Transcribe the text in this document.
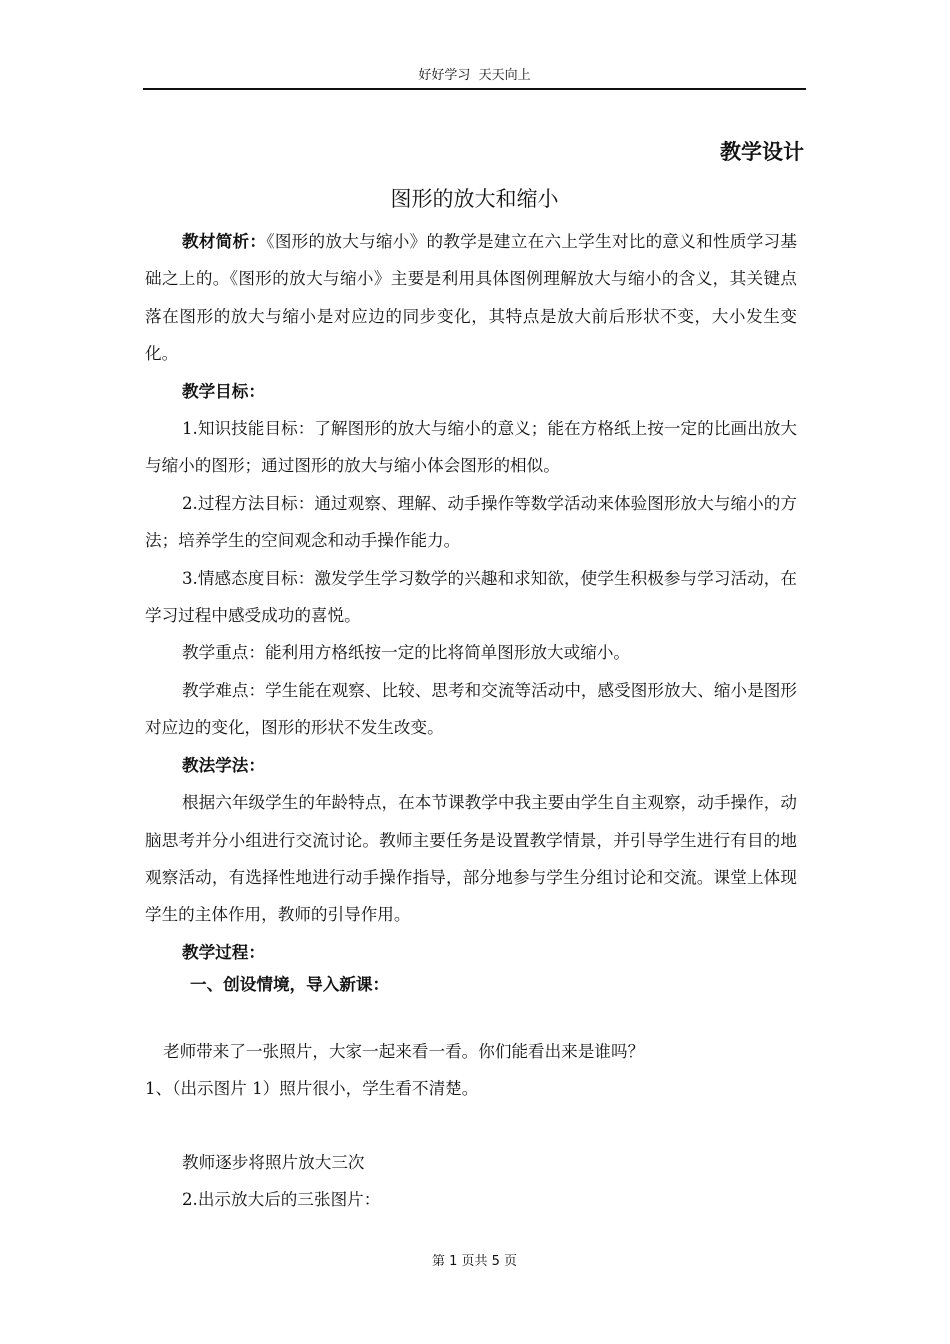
好好学习  天天向上
教学设计
图形的放大和缩小

教材简析：《图形的放大与缩小》的教学是建立在六上学生对比的意义和性质学习基础之上的。《图形的放大与缩小》主要是利用具体图例理解放大与缩小的含义，其关键点落在图形的放大与缩小是对应边的同步变化，其特点是放大前后形状不变，大小发生变化。

教学目标：

1.知识技能目标：了解图形的放大与缩小的意义；能在方格纸上按一定的比画出放大与缩小的图形；通过图形的放大与缩小体会图形的相似。

2.过程方法目标：通过观察、理解、动手操作等数学活动来体验图形放大与缩小的方法；培养学生的空间观念和动手操作能力。

3.情感态度目标：激发学生学习数学的兴趣和求知欲，使学生积极参与学习活动，在学习过程中感受成功的喜悦。

教学重点：能利用方格纸按一定的比将简单图形放大或缩小。

教学难点：学生能在观察、比较、思考和交流等活动中，感受图形放大、缩小是图形对应边的变化，图形的形状不发生改变。

教法学法：

根据六年级学生的年龄特点，在本节课教学中我主要由学生自主观察，动手操作，动脑思考并分小组进行交流讨论。教师主要任务是设置教学情景，并引导学生进行有目的地观察活动，有选择性地进行动手操作指导，部分地参与学生分组讨论和交流。课堂上体现学生的主体作用，教师的引导作用。

教学过程：

一、创设情境，导入新课：

老师带来了一张照片，大家一起来看一看。你们能看出来是谁吗？

1、（出示图片 1）照片很小，学生看不清楚。

教师逐步将照片放大三次

2.出示放大后的三张图片：

第 1 页共 5 页
